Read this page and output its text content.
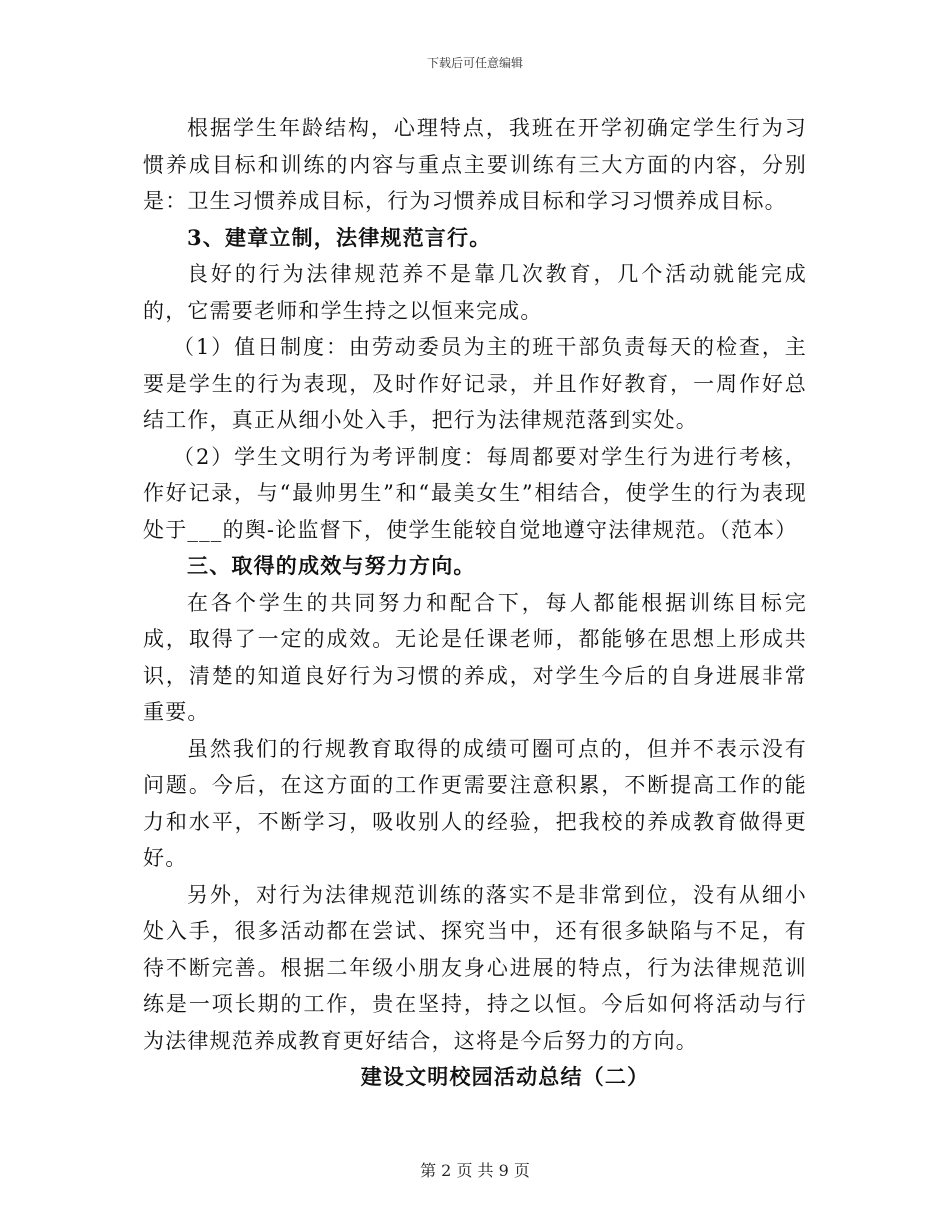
下载后可任意编辑

根据学生年龄结构，心理特点，我班在开学初确定学生行为习惯养成目标和训练的内容与重点主要训练有三大方面的内容，分别是：卫生习惯养成目标，行为习惯养成目标和学习习惯养成目标。

3、建章立制，法律规范言行。

良好的行为法律规范养不是靠几次教育，几个活动就能完成的，它需要老师和学生持之以恒来完成。

（1）值日制度：由劳动委员为主的班干部负责每天的检查，主要是学生的行为表现，及时作好记录，并且作好教育，一周作好总结工作，真正从细小处入手，把行为法律规范落到实处。

（2）学生文明行为考评制度：每周都要对学生行为进行考核，作好记录，与“最帅男生”和“最美女生”相结合，使学生的行为表现处于___的舆-论监督下，使学生能较自觉地遵守法律规范。（范本）

三、取得的成效与努力方向。

在各个学生的共同努力和配合下，每人都能根据训练目标完成，取得了一定的成效。无论是任课老师，都能够在思想上形成共识，清楚的知道良好行为习惯的养成，对学生今后的自身进展非常重要。

虽然我们的行规教育取得的成绩可圈可点的，但并不表示没有问题。今后，在这方面的工作更需要注意积累，不断提高工作的能力和水平，不断学习，吸收别人的经验，把我校的养成教育做得更好。

另外，对行为法律规范训练的落实不是非常到位，没有从细小处入手，很多活动都在尝试、探究当中，还有很多缺陷与不足，有待不断完善。根据二年级小朋友身心进展的特点，行为法律规范训练是一项长期的工作，贵在坚持，持之以恒。今后如何将活动与行为法律规范养成教育更好结合，这将是今后努力的方向。

建设文明校园活动总结（二）

第 2 页 共 9 页
